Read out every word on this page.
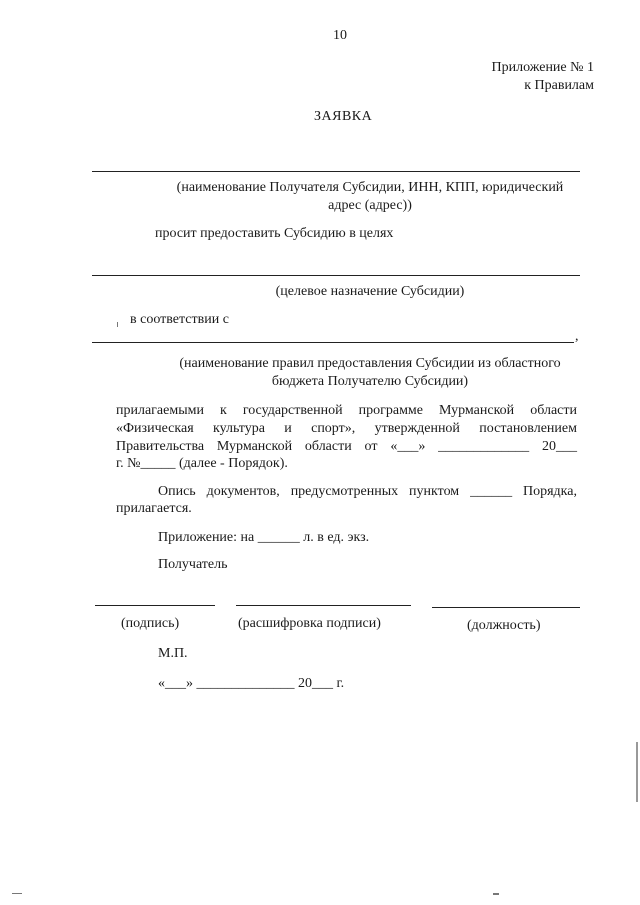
10
Приложение № 1
к Правилам
ЗАЯВКА
(наименование Получателя Субсидии, ИНН, КПП, юридический
адрес (адрес))
просит предоставить Субсидию в целях
(целевое назначение Субсидии)
в соответствии с
,
(наименование правил предоставления Субсидии из областного
бюджета Получателю Субсидии)
прилагаемыми к государственной программе Мурманской области
«Физическая культура и спорт», утвержденной постановлением
Правительства Мурманской области от «___» _____________ 20___
г. №_____ (далее - Порядок).
Опись документов, предусмотренных пунктом ______ Порядка,
прилагается.
Приложение: на ______ л. в ед. экз.
Получатель
(подпись)	(расшифровка подписи)	(должность)
М.П.
«___» ______________ 20___ г.
